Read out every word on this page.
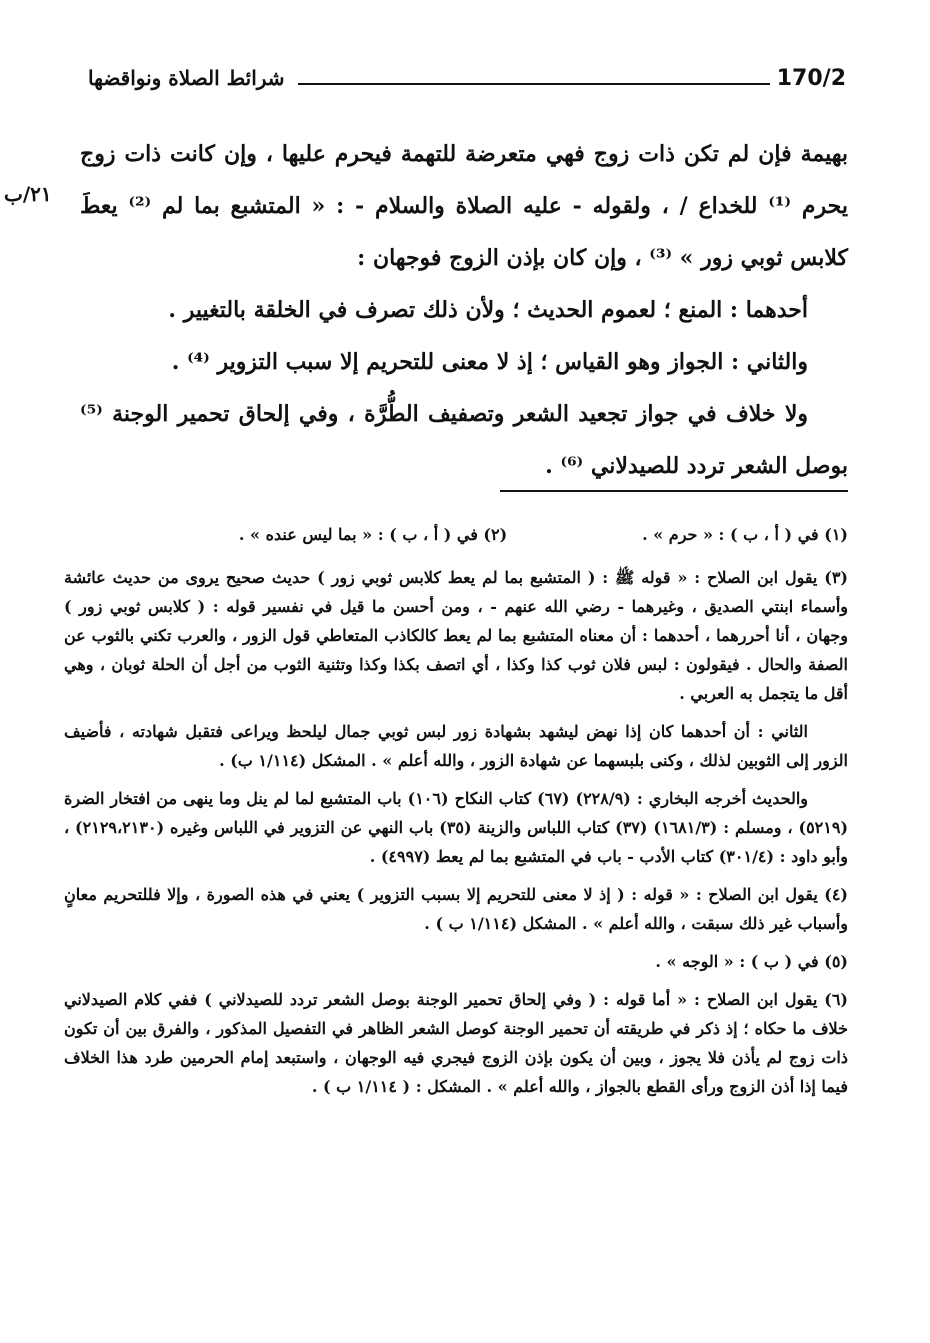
170/2
شرائط الصلاة ونواقضها
٢١/ب

بهيمة فإن لم تكن ذات زوج فهي متعرضة للتهمة فيحرم عليها ، وإن كانت ذات زوج يحرم ⁽¹⁾ للخداع / ، ولقوله - عليه الصلاة والسلام - : « المتشبع بما لم ⁽²⁾ يعطَ كلابس ثوبي زور » ⁽³⁾ ، وإن كان بإذن الزوج فوجهان :

أحدهما : المنع ؛ لعموم الحديث ؛ ولأن ذلك تصرف في الخلقة بالتغيير .

والثاني : الجواز وهو القياس ؛ إذ لا معنى للتحريم إلا سبب التزوير ⁽⁴⁾ .

ولا خلاف في جواز تجعيد الشعر وتصفيف الطُّرَّة ، وفي إلحاق تحمير الوجنة ⁽⁵⁾ بوصل الشعر تردد للصيدلاني ⁽⁶⁾ .

(١) في ( أ ، ب ) : « حرم » .
(٢) في ( أ ، ب ) : « بما ليس عنده » .

(٣) يقول ابن الصلاح : « قوله ﷺ : ( المتشبع بما لم يعط كلابس ثوبي زور ) حديث صحيح يروى من حديث عائشة وأسماء ابنتي الصديق ، وغيرهما - رضي الله عنهم - ، ومن أحسن ما قيل في نفسير قوله : ( كلابس ثوبي زور ) وجهان ، أنا أحررهما ، أحدهما : أن معناه المتشبع بما لم يعط كالكاذب المتعاطي قول الزور ، والعرب تكني بالثوب عن الصفة والحال . فيقولون : لبس فلان ثوب كذا وكذا ، أي اتصف بكذا وكذا وتثنية الثوب من أجل أن الحلة ثوبان ، وهي أقل ما يتجمل به العربي .

الثاني : أن أحدهما كان إذا نهض ليشهد بشهادة زور لبس ثوبي جمال ليلحظ ويراعى فتقبل شهادته ، فأضيف الزور إلى الثوبين لذلك ، وكنى بلبسهما عن شهادة الزور ، والله أعلم » . المشكل (١/١١٤ ب) .

والحديث أخرجه البخاري : (٢٢٨/٩) (٦٧) كتاب النكاح (١٠٦) باب المتشبع لما لم ينل وما ينهى من افتخار الضرة (٥٢١٩) ، ومسلم : (١٦٨١/٣) (٣٧) كتاب اللباس والزينة (٣٥) باب النهي عن التزوير في اللباس وغيره (٢١٢٩،٢١٣٠) ، وأبو داود : (٣٠١/٤) كتاب الأدب - باب في المتشبع بما لم يعط (٤٩٩٧) .

(٤) يقول ابن الصلاح : « قوله : ( إذ لا معنى للتحريم إلا بسبب التزوير ) يعني في هذه الصورة ، وإلا فللتحريم معانٍ وأسباب غير ذلك سبقت ، والله أعلم » . المشكل (١/١١٤ ب ) .

(٥) في ( ب ) : « الوجه » .

(٦) يقول ابن الصلاح : « أما قوله : ( وفي إلحاق تحمير الوجنة بوصل الشعر تردد للصيدلاني ) ففي كلام الصيدلاني خلاف ما حكاه ؛ إذ ذكر في طريقته أن تحمير الوجنة كوصل الشعر الظاهر في التفصيل المذكور ، والفرق بين أن تكون ذات زوج لم يأذن فلا يجوز ، وبين أن يكون بإذن الزوج فيجري فيه الوجهان ، واستبعد إمام الحرمين طرد هذا الخلاف فيما إذا أذن الزوج ورأى القطع بالجواز ، والله أعلم » . المشكل : ( ١/١١٤ ب ) .
